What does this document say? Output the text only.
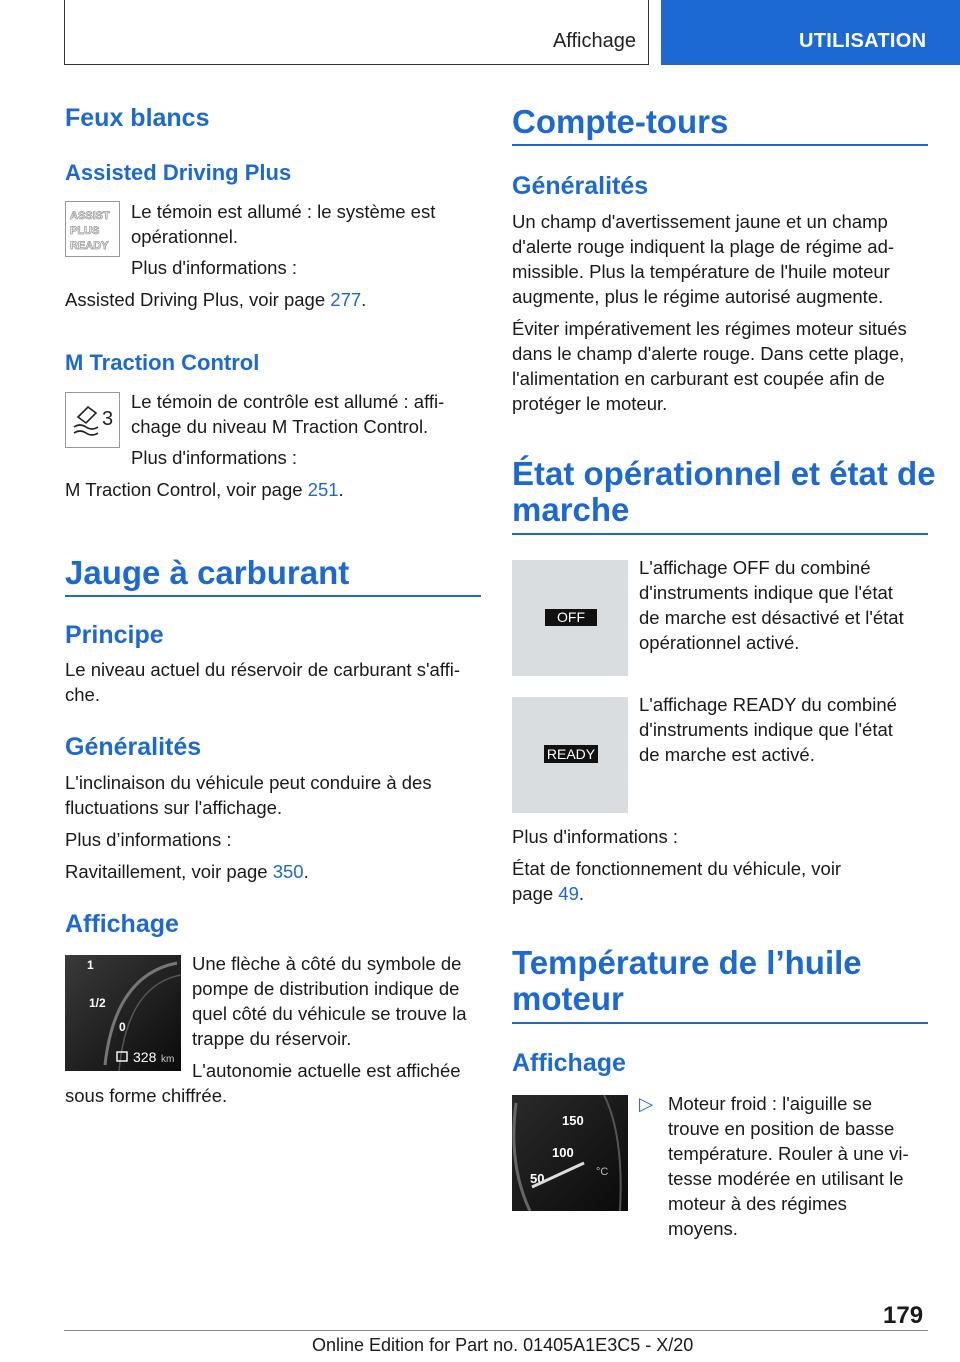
Affichage	UTILISATION
Feux blancs
Assisted Driving Plus
ASSIST
PLUS
READY
Le témoin est allumé : le système est
opérationnel.
Plus d'informations :
Assisted Driving Plus, voir page 277.
M Traction Control
3
Le témoin de contrôle est allumé : affi-
chage du niveau M Traction Control.
Plus d'informations :
M Traction Control, voir page 251.
Jauge à carburant
Principe
Le niveau actuel du réservoir de carburant s'affi-
che.
Généralités
L'inclinaison du véhicule peut conduire à des
fluctuations sur l'affichage.
Plus d’informations :
Ravitaillement, voir page 350.
Affichage
1
1/2
0
328 km
Une flèche à côté du symbole de
pompe de distribution indique de
quel côté du véhicule se trouve la
trappe du réservoir.
L'autonomie actuelle est affichée
sous forme chiffrée.
Compte-tours
Généralités
Un champ d'avertissement jaune et un champ
d'alerte rouge indiquent la plage de régime ad-
missible. Plus la température de l'huile moteur
augmente, plus le régime autorisé augmente.
Éviter impérativement les régimes moteur situés
dans le champ d'alerte rouge. Dans cette plage,
l'alimentation en carburant est coupée afin de
protéger le moteur.
État opérationnel et état de
marche
OFF
L'affichage OFF du combiné
d'instruments indique que l'état
de marche est désactivé et l'état
opérationnel activé.
READY
L'affichage READY du combiné
d'instruments indique que l'état
de marche est activé.
Plus d'informations :
État de fonctionnement du véhicule, voir
page 49.
Température de l’huile
moteur
Affichage
150
100
50	°C
▷ Moteur froid : l'aiguille se
trouve en position de basse
température. Rouler à une vi-
tesse modérée en utilisant le
moteur à des régimes
moyens.
179
Online Edition for Part no. 01405A1E3C5 - X/20
